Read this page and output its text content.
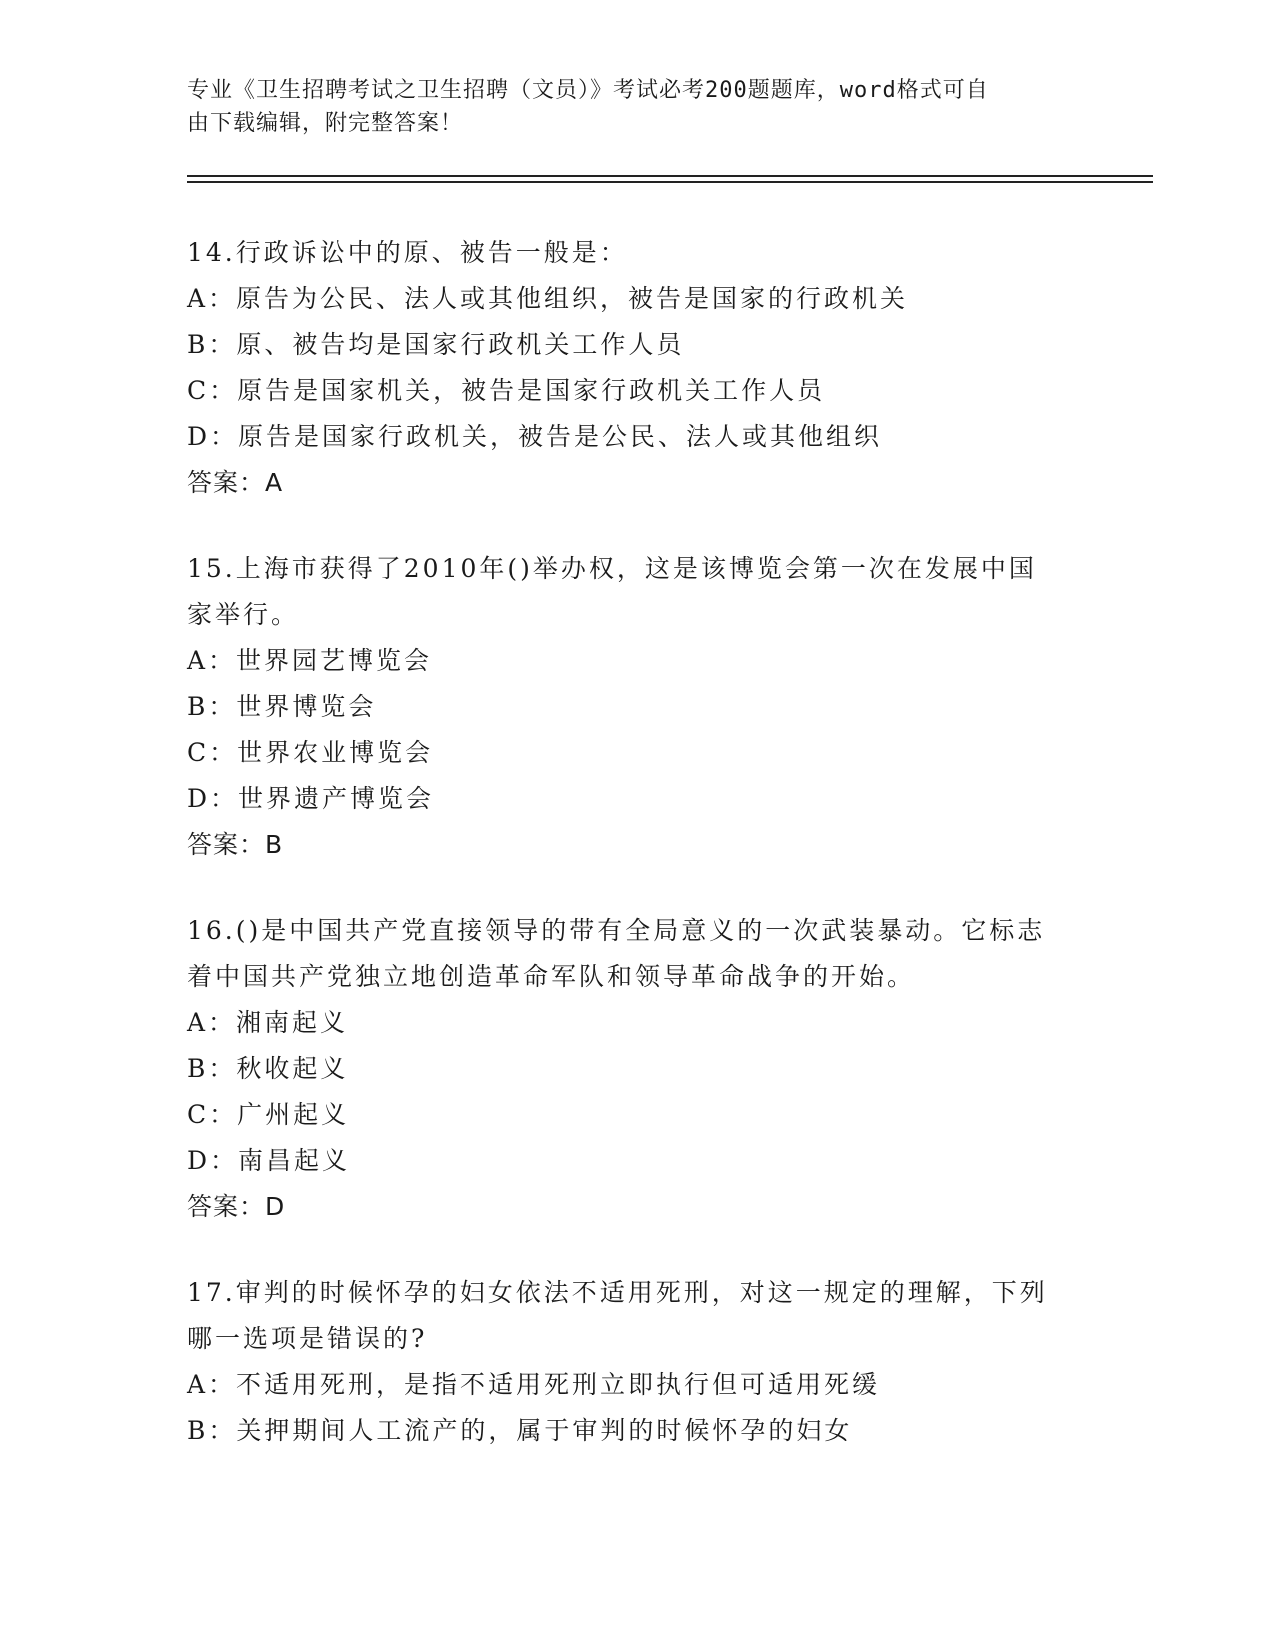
专业《卫生招聘考试之卫生招聘（文员）》考试必考200题题库，word格式可自
由下载编辑，附完整答案！
14.行政诉讼中的原、被告一般是：
A：原告为公民、法人或其他组织，被告是国家的行政机关
B：原、被告均是国家行政机关工作人员
C：原告是国家机关，被告是国家行政机关工作人员
D：原告是国家行政机关，被告是公民、法人或其他组织
答案：A
15.上海市获得了2010年()举办权，这是该博览会第一次在发展中国
家举行。
A：世界园艺博览会
B：世界博览会
C：世界农业博览会
D：世界遗产博览会
答案：B
16.()是中国共产党直接领导的带有全局意义的一次武装暴动。它标志
着中国共产党独立地创造革命军队和领导革命战争的开始。
A：湘南起义
B：秋收起义
C：广州起义
D：南昌起义
答案：D
17.审判的时候怀孕的妇女依法不适用死刑，对这一规定的理解，下列
哪一选项是错误的?
A：不适用死刑，是指不适用死刑立即执行但可适用死缓
B：关押期间人工流产的，属于审判的时候怀孕的妇女
